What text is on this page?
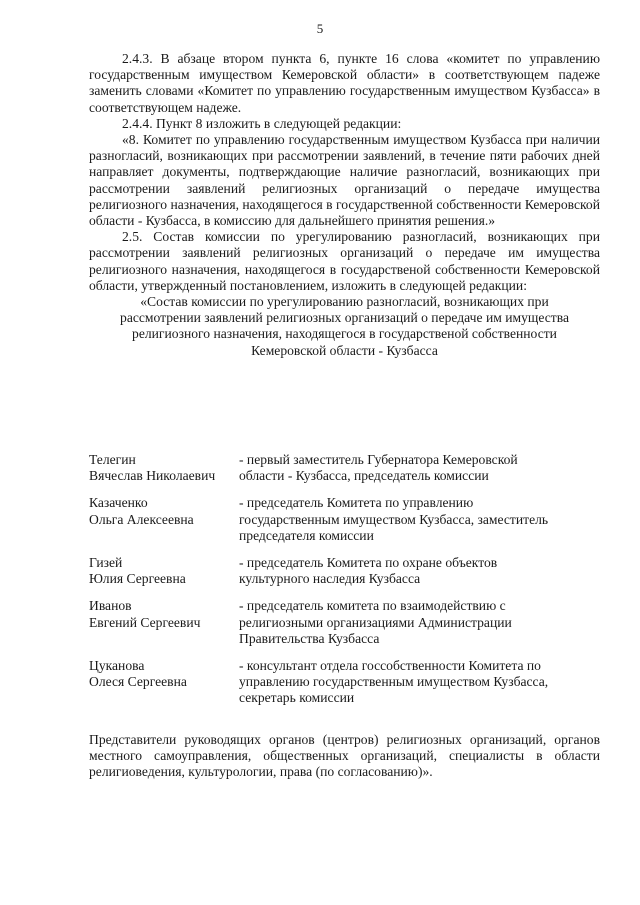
5

2.4.3. В абзаце втором пункта 6, пункте 16 слова «комитет по управлению государственным имуществом Кемеровской области» в соответствующем падеже заменить словами «Комитет по управлению государственным имуществом Кузбасса» в соответствующем надеже.

2.4.4. Пункт 8 изложить в следующей редакции:

«8. Комитет по управлению государственным имуществом Кузбасса при наличии разногласий, возникающих при рассмотрении заявлений, в течение пяти рабочих дней направляет документы, подтверждающие наличие разногласий, возникающих при рассмотрении заявлений религиозных организаций о передаче имущества религиозного назначения, находящегося в государственной собственности Кемеровской области - Кузбасса, в комиссию для дальнейшего принятия решения.»

2.5. Состав комиссии по урегулированию разногласий, возникающих при рассмотрении заявлений религиозных организаций о передаче им имущества религиозного назначения, находящегося в государственой собственности Кемеровской области, утвержденный постановлением, изложить в следующей редакции:

«Состав комиссии по урегулированию разногласий, возникающих при
рассмотрении заявлений религиозных организаций о передаче им имущества
религиозного назначения, находящегося в государственой собственности
Кемеровской области - Кузбасса
Телегин
Вячеслав Николаевич
- первый заместитель Губернатора Кемеровской
области - Кузбасса, председатель комиссии
Казаченко
Ольга Алексеевна
- председатель Комитета по управлению
государственным имуществом Кузбасса, заместитель
председателя комиссии
Гизей
Юлия Сергеевна
- председатель Комитета по охране объектов
культурного наследия Кузбасса
Иванов
Евгений Сергеевич
- председатель комитета по взаимодействию с
религиозными организациями Администрации
Правительства Кузбасса
Цуканова
Олеся Сергеевна
- консультант отдела госсобственности Комитета по
управлению государственным имуществом Кузбасса,
секретарь комиссии

Представители руководящих органов (центров) религиозных организаций, органов местного самоуправления, общественных организаций, специалисты в области религиоведения, культурологии, права (по согласованию)».
